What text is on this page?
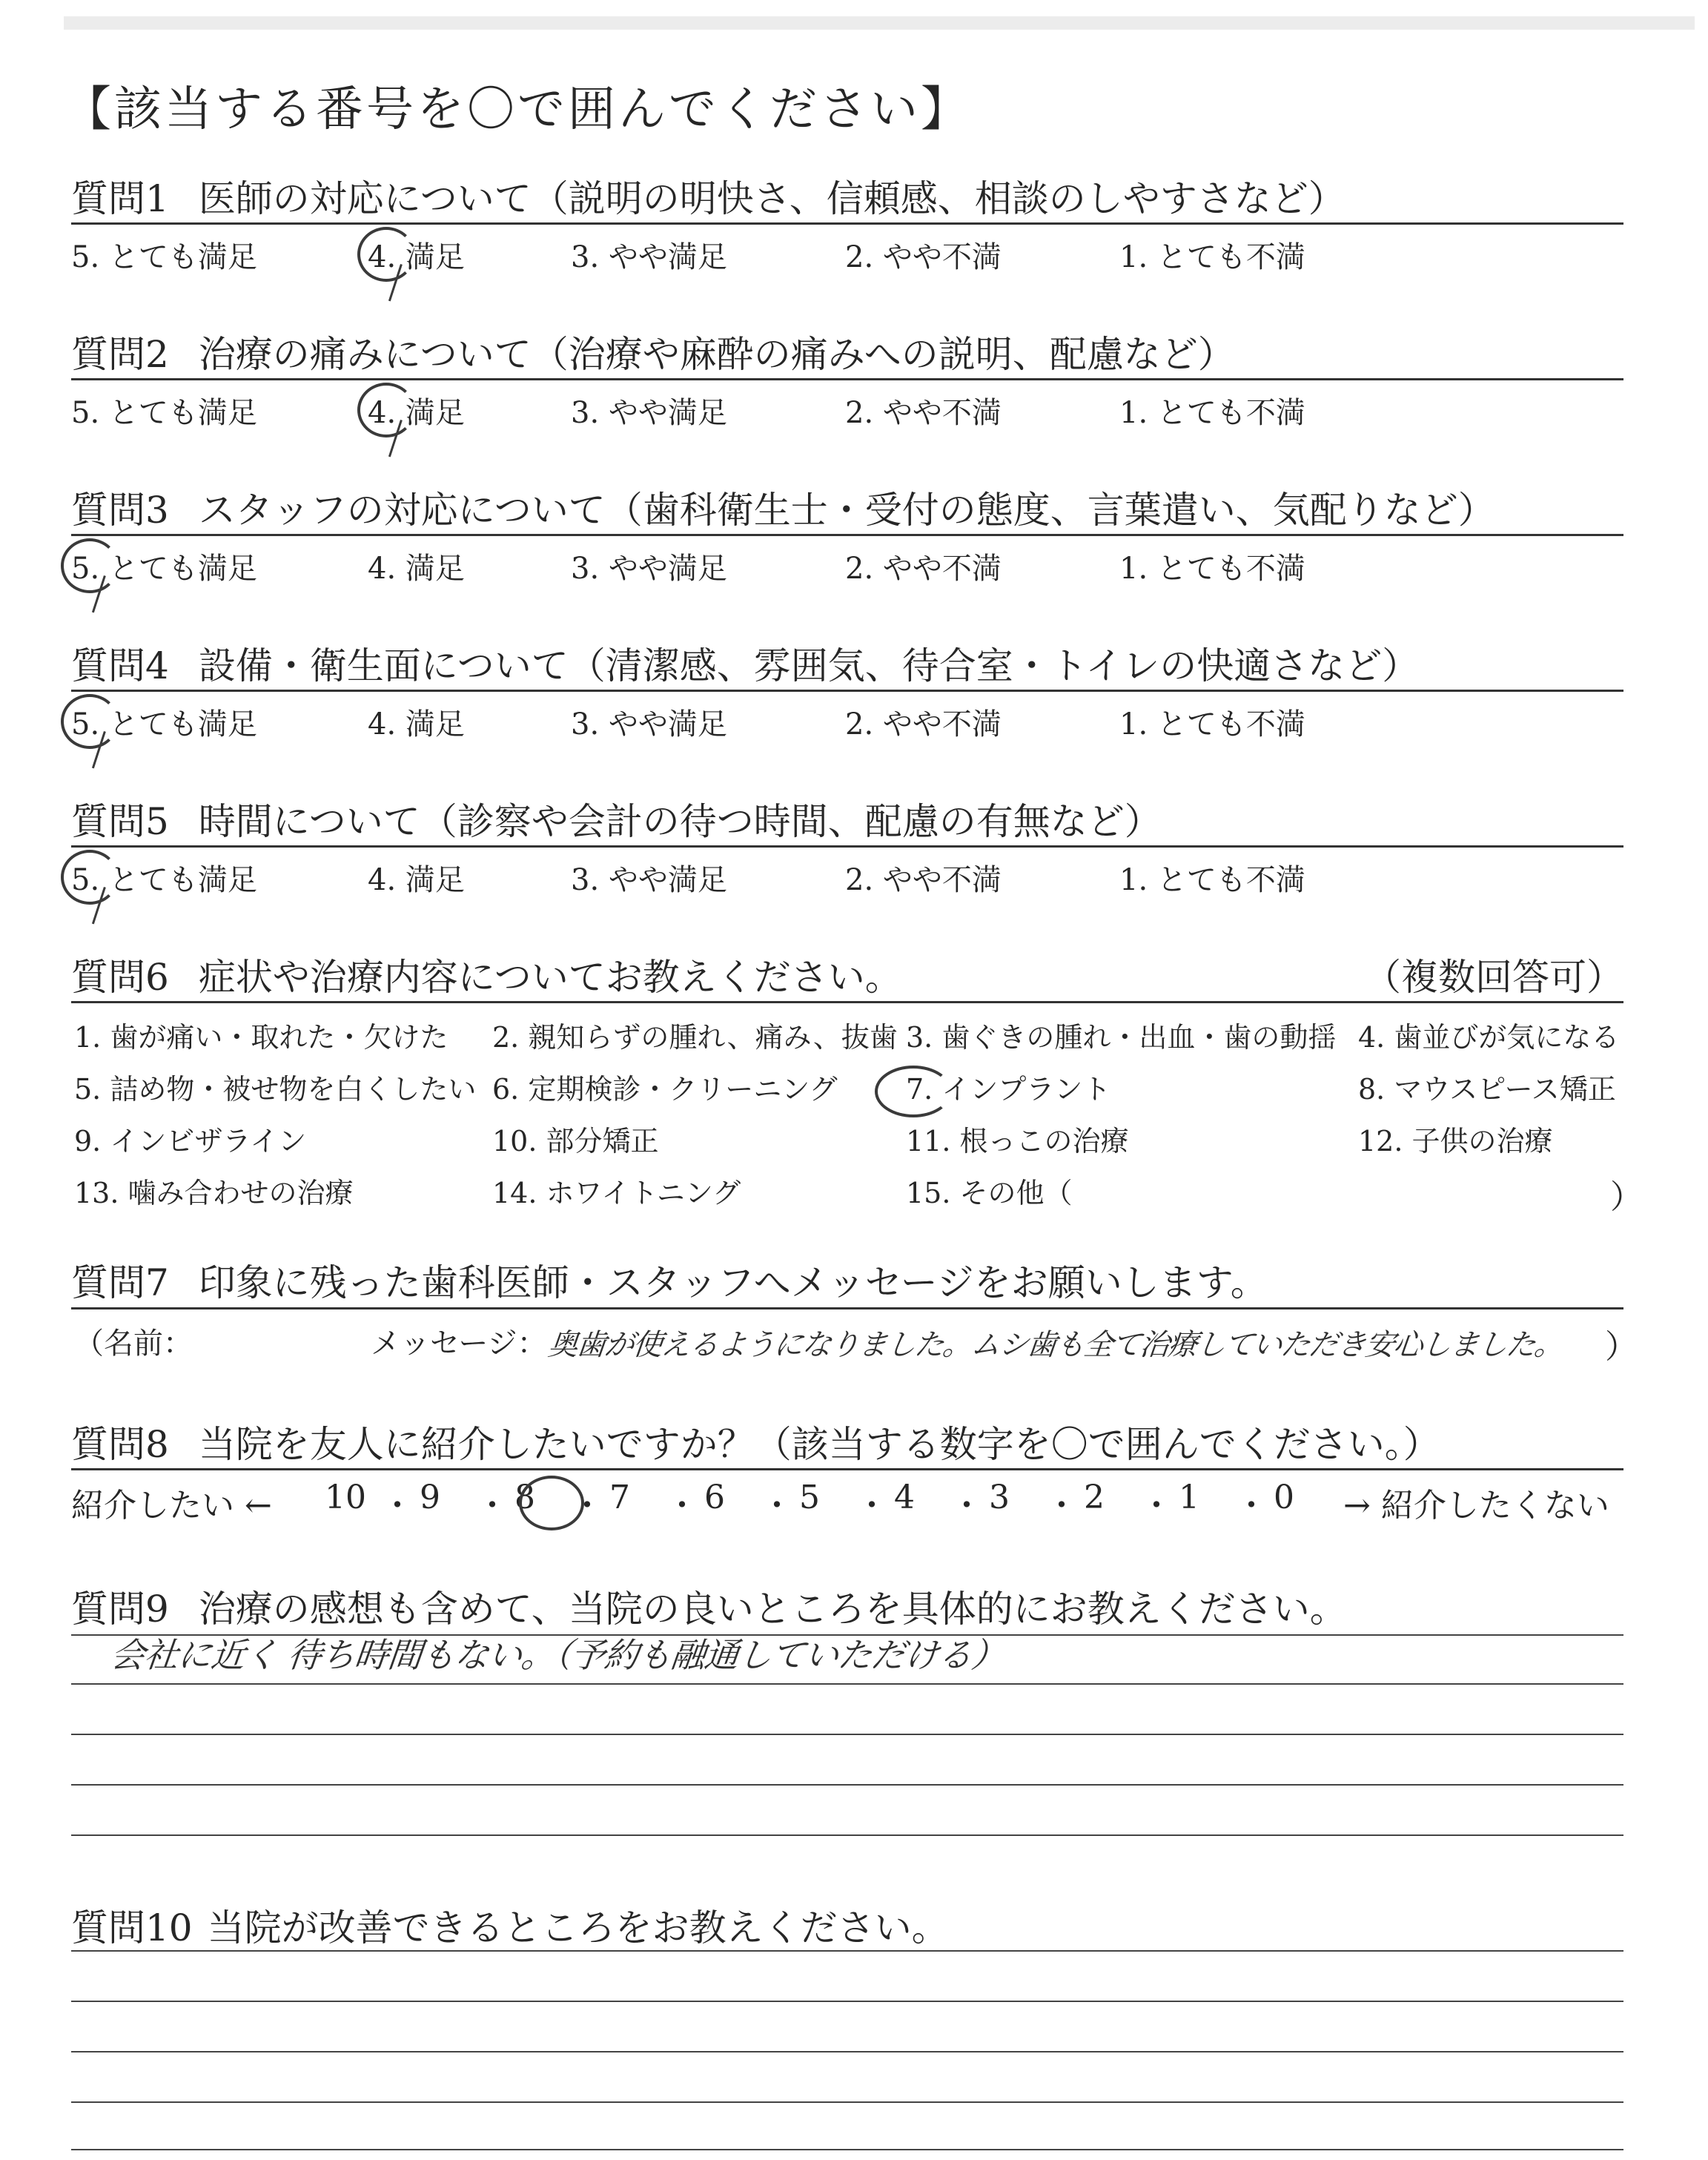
【該当する番号を〇で囲んでください】
質問1 医師の対応について（説明の明快さ、信頼感、相談のしやすさなど）
5. とても満足	4. 満足	3. やや満足	2. やや不満	1. とても不満
質問2 治療の痛みについて（治療や麻酔の痛みへの説明、配慮など）
5. とても満足	4. 満足	3. やや満足	2. やや不満	1. とても不満
質問3 スタッフの対応について（歯科衛生士・受付の態度、言葉遣い、気配りなど）
5. とても満足	4. 満足	3. やや満足	2. やや不満	1. とても不満
質問4 設備・衛生面について（清潔感、雰囲気、待合室・トイレの快適さなど）
5. とても満足	4. 満足	3. やや満足	2. やや不満	1. とても不満
質問5 時間について（診察や会計の待つ時間、配慮の有無など）
5. とても満足	4. 満足	3. やや満足	2. やや不満	1. とても不満
質問6 症状や治療内容についてお教えください。	（複数回答可）
1. 歯が痛い・取れた・欠けた 2. 親知らずの腫れ、痛み、抜歯 3. 歯ぐきの腫れ・出血・歯の動揺 4. 歯並びが気になる
5. 詰め物・被せ物を白くしたい 6. 定期検診・クリーニング 7. インプラント	8. マウスピース矯正
9. インビザライン	10. 部分矯正	11. 根っこの治療	12. 子供の治療
13. 噛み合わせの治療	14. ホワイトニング	15. その他（	）
質問7 印象に残った歯科医師・スタッフへメッセージをお願いします。
（名前：	メッセージ： 奥歯が使えるようになりました。ムシ歯も全て治療していただき安心しました。 ）
質問8 当院を友人に紹介したいですか？（該当する数字を〇で囲んでください。）
紹介したい ← 10 ・ 9 ・ 8 ・ 7 ・ 6 ・ 5 ・ 4 ・ 3 ・ 2 ・ 1 ・ 0 → 紹介したくない
質問9 治療の感想も含めて、当院の良いところを具体的にお教えください。
会社に近く 待ち時間もない。（予約も融通していただける）
質問10 当院が改善できるところをお教えください。
